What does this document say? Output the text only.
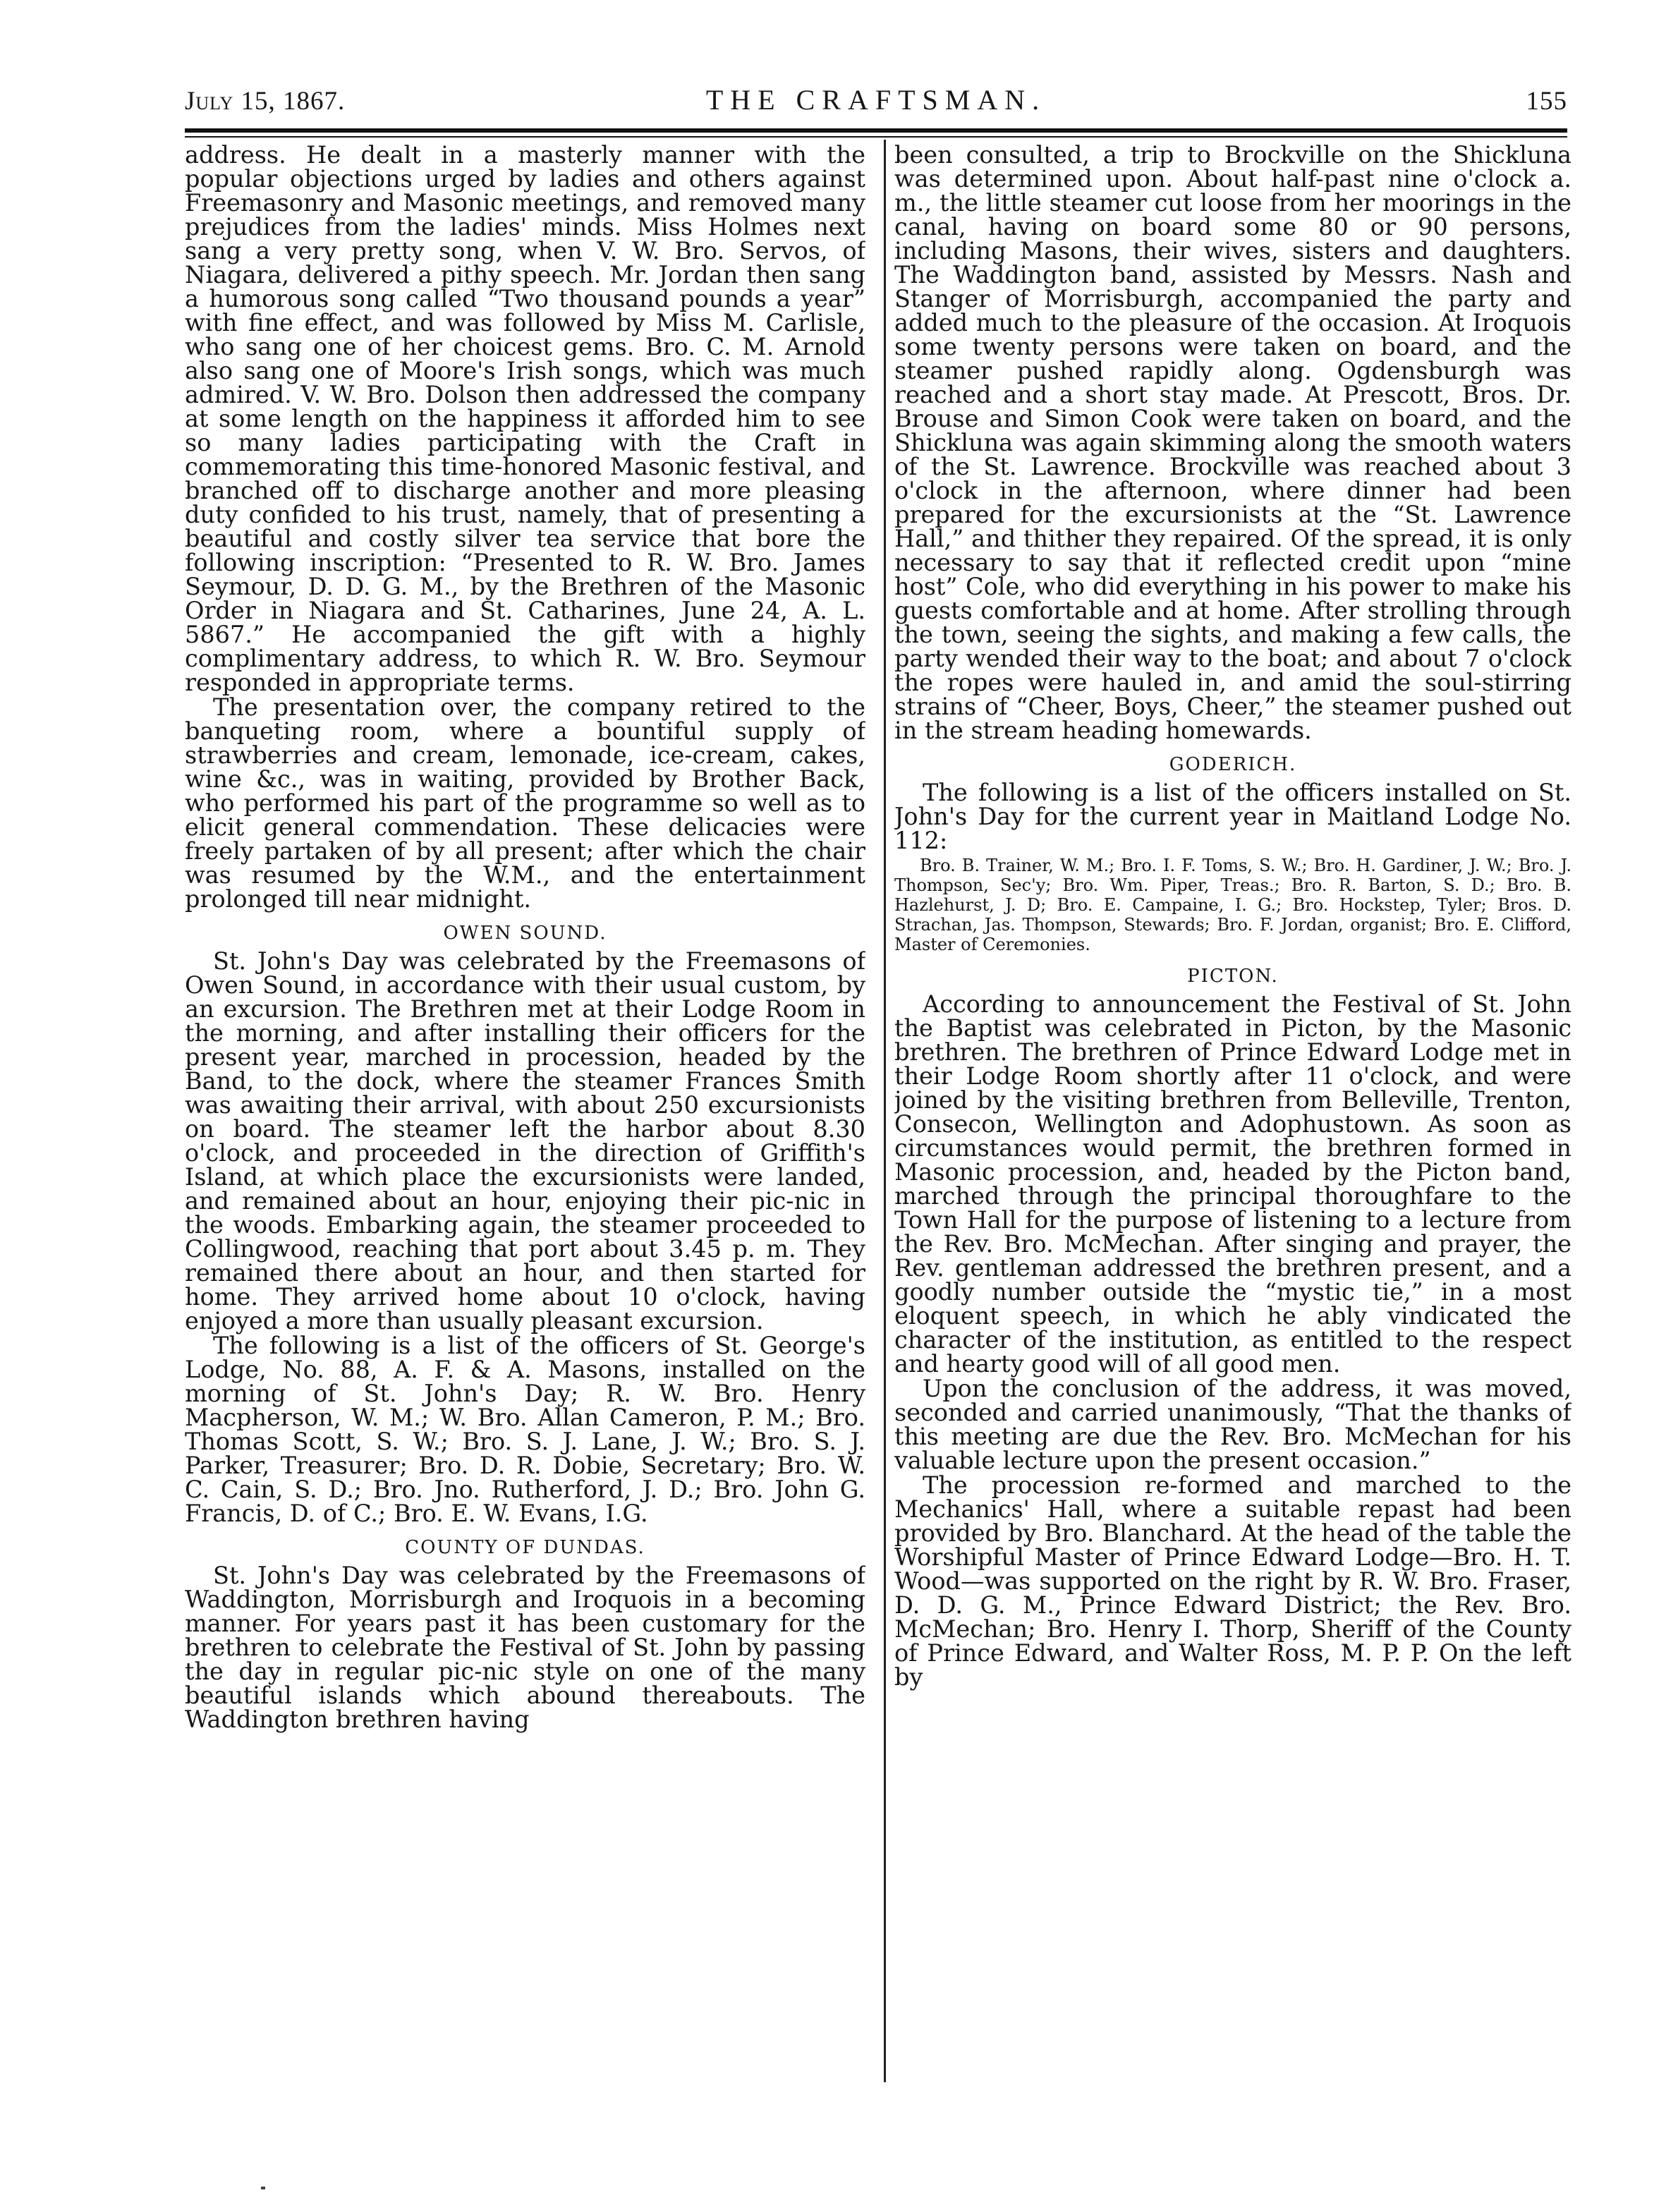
July 15, 1867.	THE CRAFTSMAN.	155

address. He dealt in a masterly manner with the popular objections urged by ladies and others against Freemasonry and Masonic meetings, and removed many prejudices from the ladies' minds. Miss Holmes next sang a very pretty song, when V. W. Bro. Servos, of Niagara, delivered a pithy speech. Mr. Jordan then sang a humorous song called “Two thousand pounds a year” with fine effect, and was followed by Miss M. Carlisle, who sang one of her choicest gems. Bro. C. M. Arnold also sang one of Moore's Irish songs, which was much admired. V. W. Bro. Dolson then addressed the company at some length on the happiness it afforded him to see so many ladies participating with the Craft in commemorating this time-honored Masonic festival, and branched off to discharge another and more pleasing duty confided to his trust, namely, that of presenting a beautiful and costly silver tea service that bore the following inscription: “Presented to R. W. Bro. James Seymour, D. D. G. M., by the Brethren of the Masonic Order in Niagara and St. Catharines, June 24, A. L. 5867.” He accompanied the gift with a highly complimentary address, to which R. W. Bro. Seymour responded in appropriate terms.

The presentation over, the company retired to the banqueting room, where a bountiful supply of strawberries and cream, lemonade, ice-cream, cakes, wine &c., was in waiting, provided by Brother Back, who performed his part of the programme so well as to elicit general commendation. These delicacies were freely partaken of by all present; after which the chair was resumed by the W.M., and the entertainment prolonged till near midnight.

OWEN SOUND.

St. John's Day was celebrated by the Freemasons of Owen Sound, in accordance with their usual custom, by an excursion. The Brethren met at their Lodge Room in the morning, and after installing their officers for the present year, marched in procession, headed by the Band, to the dock, where the steamer Frances Smith was awaiting their arrival, with about 250 excursionists on board. The steamer left the harbor about 8.30 o'clock, and proceeded in the direction of Griffith's Island, at which place the excursionists were landed, and remained about an hour, enjoying their pic-nic in the woods. Embarking again, the steamer proceeded to Collingwood, reaching that port about 3.45 p. m. They remained there about an hour, and then started for home. They arrived home about 10 o'clock, having enjoyed a more than usually pleasant excursion.

The following is a list of the officers of St. George's Lodge, No. 88, A. F. & A. Masons, installed on the morning of St. John's Day; R. W. Bro. Henry Macpherson, W. M.; W. Bro. Allan Cameron, P. M.; Bro. Thomas Scott, S. W.; Bro. S. J. Lane, J. W.; Bro. S. J. Parker, Treasurer; Bro. D. R. Dobie, Secretary; Bro. W. C. Cain, S. D.; Bro. Jno. Rutherford, J. D.; Bro. John G. Francis, D. of C.; Bro. E. W. Evans, I.G.

COUNTY OF DUNDAS.

St. John's Day was celebrated by the Freemasons of Waddington, Morrisburgh and Iroquois in a becoming manner. For years past it has been customary for the brethren to celebrate the Festival of St. John by passing the day in regular pic-nic style on one of the many beautiful islands which abound thereabouts. The Waddington brethren having

been consulted, a trip to Brockville on the Shickluna was determined upon. About half-past nine o'clock a. m., the little steamer cut loose from her moorings in the canal, having on board some 80 or 90 persons, including Masons, their wives, sisters and daughters. The Waddington band, assisted by Messrs. Nash and Stanger of Morrisburgh, accompanied the party and added much to the pleasure of the occasion. At Iroquois some twenty persons were taken on board, and the steamer pushed rapidly along. Ogdensburgh was reached and a short stay made. At Prescott, Bros. Dr. Brouse and Simon Cook were taken on board, and the Shickluna was again skimming along the smooth waters of the St. Lawrence. Brockville was reached about 3 o'clock in the afternoon, where dinner had been prepared for the excursionists at the “St. Lawrence Hall,” and thither they repaired. Of the spread, it is only necessary to say that it reflected credit upon “mine host” Cole, who did everything in his power to make his guests comfortable and at home. After strolling through the town, seeing the sights, and making a few calls, the party wended their way to the boat; and about 7 o'clock the ropes were hauled in, and amid the soul-stirring strains of “Cheer, Boys, Cheer,” the steamer pushed out in the stream heading homewards.

GODERICH.

The following is a list of the officers installed on St. John's Day for the current year in Maitland Lodge No. 112:

Bro. B. Trainer, W. M.; Bro. I. F. Toms, S. W.; Bro. H. Gardiner, J. W.; Bro. J. Thompson, Sec'y; Bro. Wm. Piper, Treas.; Bro. R. Barton, S. D.; Bro. B. Hazlehurst, J. D; Bro. E. Campaine, I. G.; Bro. Hockstep, Tyler; Bros. D. Strachan, Jas. Thompson, Stewards; Bro. F. Jordan, organist; Bro. E. Clifford, Master of Ceremonies.

PICTON.

According to announcement the Festival of St. John the Baptist was celebrated in Picton, by the Masonic brethren. The brethren of Prince Edward Lodge met in their Lodge Room shortly after 11 o'clock, and were joined by the visiting brethren from Belleville, Trenton, Consecon, Wellington and Adophustown. As soon as circumstances would permit, the brethren formed in Masonic procession, and, headed by the Picton band, marched through the principal thoroughfare to the Town Hall for the purpose of listening to a lecture from the Rev. Bro. McMechan. After singing and prayer, the Rev. gentleman addressed the brethren present, and a goodly number outside the “mystic tie,” in a most eloquent speech, in which he ably vindicated the character of the institution, as entitled to the respect and hearty good will of all good men.

Upon the conclusion of the address, it was moved, seconded and carried unanimously, “That the thanks of this meeting are due the Rev. Bro. McMechan for his valuable lecture upon the present occasion.”

The procession re-formed and marched to the Mechanics' Hall, where a suitable repast had been provided by Bro. Blanchard. At the head of the table the Worshipful Master of Prince Edward Lodge—Bro. H. T. Wood—was supported on the right by R. W. Bro. Fraser, D. D. G. M., Prince Edward District; the Rev. Bro. McMechan; Bro. Henry I. Thorp, Sheriff of the County of Prince Edward, and Walter Ross, M. P. P. On the left by
